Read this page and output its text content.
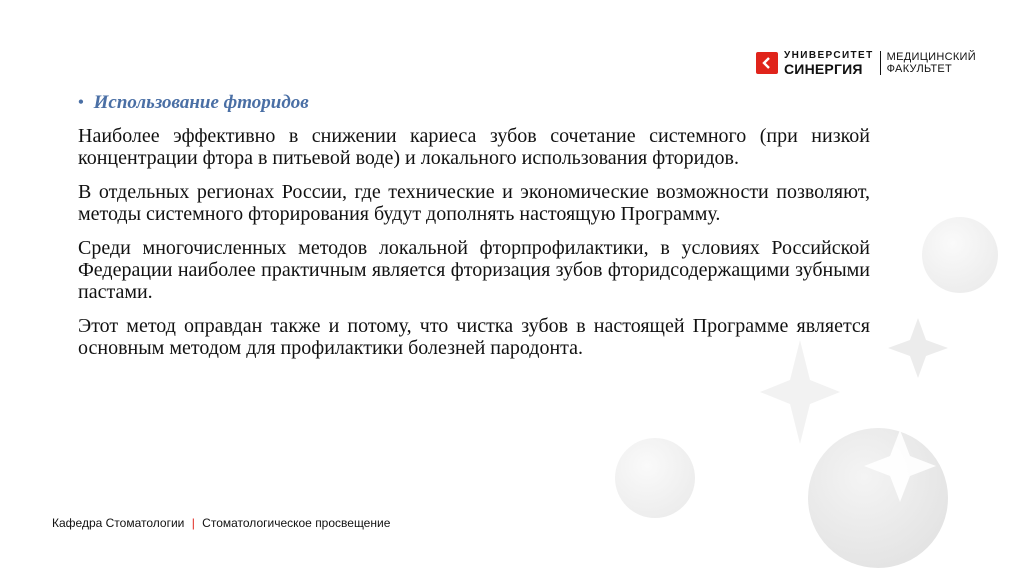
УНИВЕРСИТЕТ
СИНЕРГИЯ
МЕДИЦИНСКИЙ
ФАКУЛЬТЕТ
• Использование фторидов

Наиболее эффективно в снижении кариеса зубов сочетание системного (при низкой концентрации фтора в питьевой воде) и локального использования фторидов.

В отдельных регионах России, где технические и экономические возможности позволяют, методы системного фторирования будут дополнять настоящую Программу.

Среди многочисленных методов локальной фторпрофилактики, в условиях Российской Федерации наиболее практичным является фторизация зубов фторидсодержащими зубными пастами.

Этот метод оправдан также и потому, что чистка зубов в настоящей Программе является основным методом для профилактики болезней пародонта.

Кафедра Стоматологии | Стоматологическое просвещение
